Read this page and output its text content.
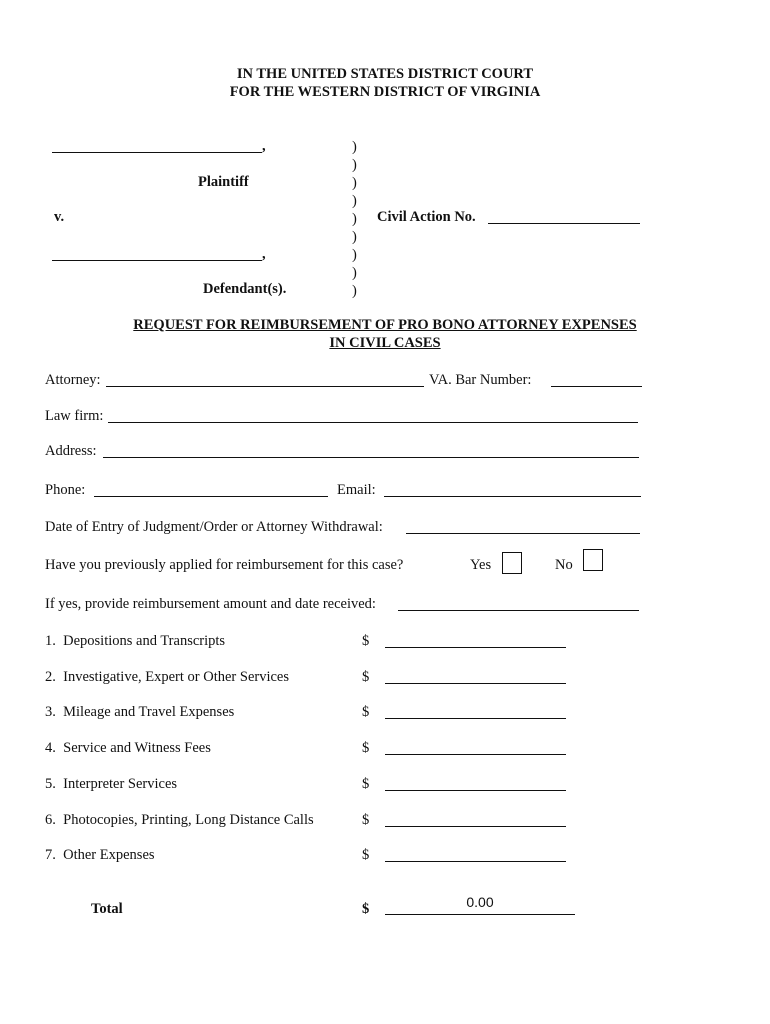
IN THE UNITED STATES DISTRICT COURT
FOR THE WESTERN DISTRICT OF VIRGINIA
,
Plaintiff
v.
,
Defendant(s).
)
)
)
)
)
)
)
)
)
Civil Action No.
REQUEST FOR REIMBURSEMENT OF PRO BONO ATTORNEY EXPENSES
IN CIVIL CASES
Attorney:	VA. Bar Number:
Law firm:
Address:
Phone:	Email:
Date of Entry of Judgment/Order or Attorney Withdrawal:
Have you previously applied for reimbursement for this case?	Yes	No
If yes, provide reimbursement amount and date received:
1.  Depositions and Transcripts	$
2.  Investigative, Expert or Other Services	$
3.  Mileage and Travel Expenses	$
4.  Service and Witness Fees	$
5.  Interpreter Services	$
6.  Photocopies, Printing, Long Distance Calls	$
7.  Other Expenses	$
Total	$	0.00
